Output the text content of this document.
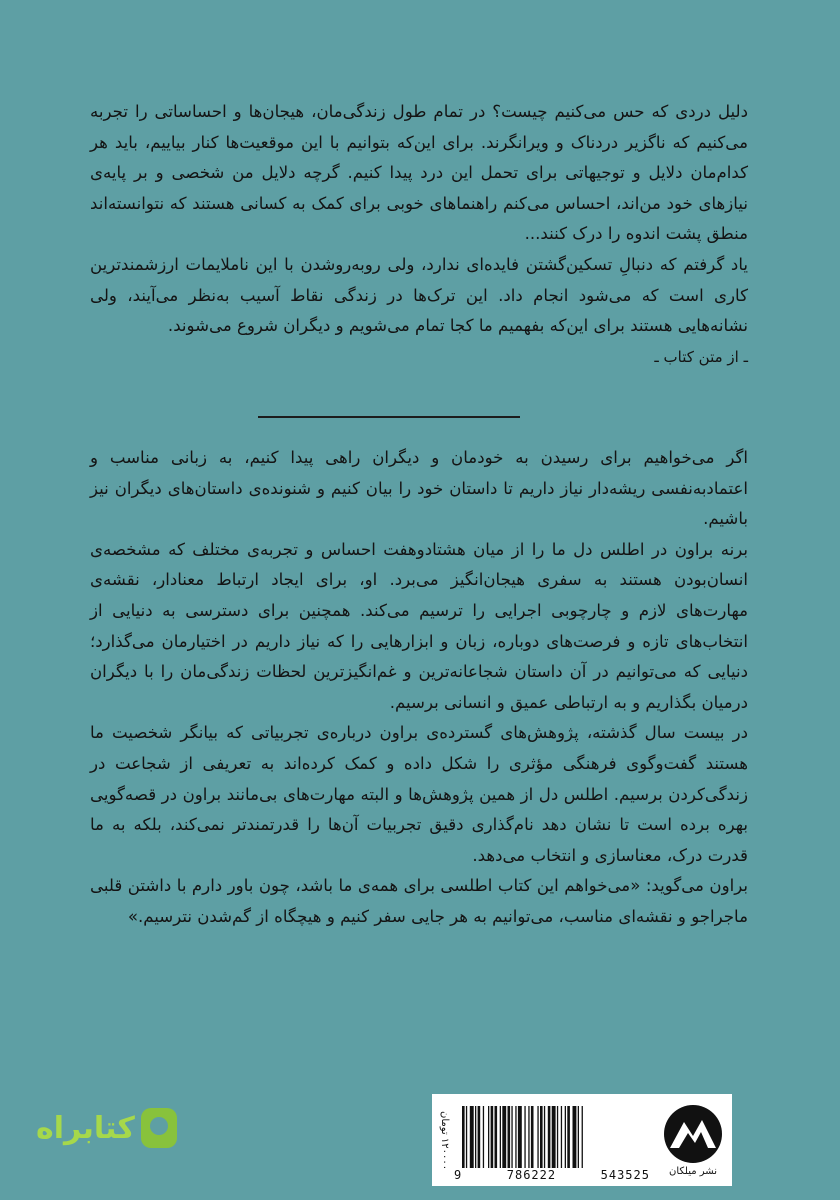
دلیل دردی که حس می‌کنیم چیست؟ در تمام طول زندگی‌مان، هیجان‌ها و احساساتی را تجربه می‌کنیم که ناگزیر دردناک و ویرانگرند. برای این‌که بتوانیم با این موقعیت‌ها کنار بیاییم، باید هر کدام‌مان دلایل و توجیهاتی برای تحمل این درد پیدا کنیم. گرچه دلایل من شخصی و بر پایه‌ی نیازهای خود من‌اند، احساس می‌کنم راهنماهای خوبی برای کمک به کسانی هستند که نتوانسته‌اند منطق پشت اندوه را درک کنند...

یاد گرفتم که دنبالِ تسکین‌گشتن فایده‌ای ندارد، ولی روبه‌روشدن با این ناملایمات ارزشمندترین کاری است که می‌شود انجام داد. این ترک‌ها در زندگی نقاط آسیب به‌نظر می‌آیند، ولی نشانه‌هایی هستند برای این‌که بفهمیم ما کجا تمام می‌شویم و دیگران شروع می‌شوند.

ـ از متن کتاب ـ

اگر می‌خواهیم برای رسیدن به خودمان و دیگران راهی پیدا کنیم، به زبانی مناسب و اعتمادبه‌نفسی ریشه‌دار نیاز داریم تا داستان خود را بیان کنیم و شنونده‌ی داستان‌های دیگران نیز باشیم.

برنه براون در اطلس دل ما را از میان هشتادوهفت احساس و تجربه‌ی مختلف که مشخصه‌ی انسان‌بودن هستند به سفری هیجان‌انگیز می‌برد. او، برای ایجاد ارتباط معنادار، نقشه‌ی مهارت‌های لازم و چارچوبی اجرایی را ترسیم می‌کند. همچنین برای دسترسی به دنیایی از انتخاب‌های تازه و فرصت‌های دوباره، زبان و ابزارهایی را که نیاز داریم در اختیارمان می‌گذارد؛ دنیایی که می‌توانیم در آن داستان شجاعانه‌ترین و غم‌انگیزترین لحظات زندگی‌مان را با دیگران درمیان بگذاریم و به ارتباطی عمیق و انسانی برسیم.

در بیست سال گذشته، پژوهش‌های گسترده‌ی براون درباره‌ی تجربیاتی که بیانگر شخصیت ما هستند گفت‌وگوی فرهنگی مؤثری را شکل داده و کمک کرده‌اند به تعریفی از شجاعت در زندگی‌کردن برسیم. اطلس دل از همین پژوهش‌ها و البته مهارت‌های بی‌مانند براون در قصه‌گویی بهره برده است تا نشان دهد نام‌گذاری دقیق تجربیات آن‌ها را قدرتمندتر نمی‌کند، بلکه به ما قدرت درک، معناسازی و انتخاب می‌دهد.

براون می‌گوید: «می‌خواهم این کتاب اطلسی برای همه‌ی ما باشد، چون باور دارم با داشتن قلبی ماجراجو و نقشه‌ای مناسب، می‌توانیم به هر جایی سفر کنیم و هیچگاه از گم‌شدن نترسیم.»

کتابراه	۱۲۰۰۰۰ تومان
9	786222	543525	نشر میلکان
